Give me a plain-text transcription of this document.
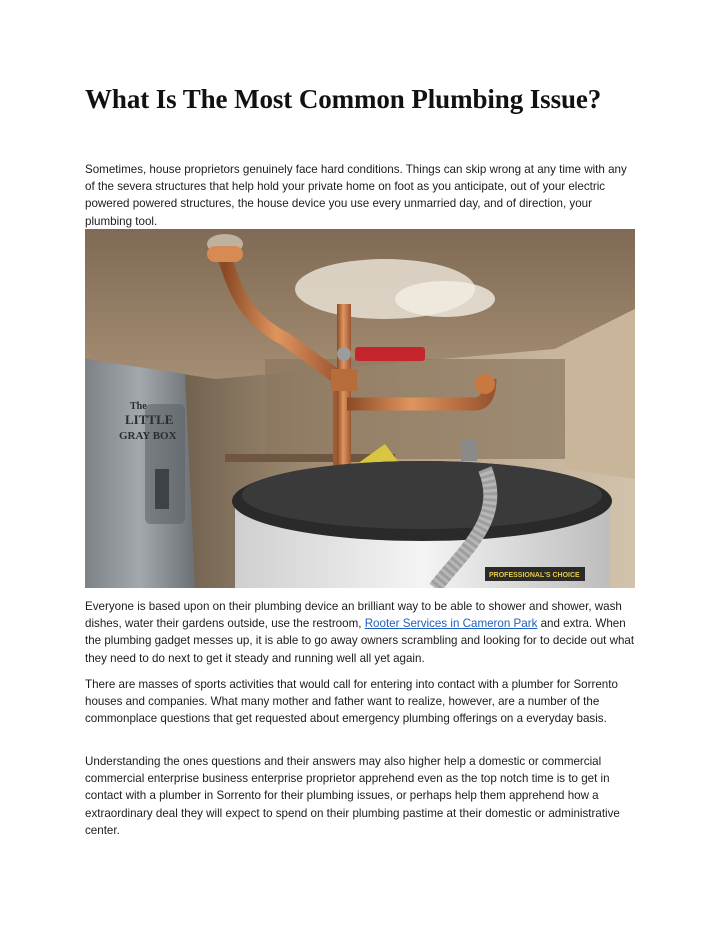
What Is The Most Common Plumbing Issue?

Sometimes, house proprietors genuinely face hard conditions. Things can skip wrong at any time with any of the severa structures that help hold your private home on foot as you anticipate, out of your electric powered powered structures, the house device you use every unmarried day, and of direction, your plumbing tool.

The
LITTLE
GRAY BOX
PROFESSIONAL'S CHOICE

Everyone is based upon on their plumbing device an brilliant way to be able to shower and shower, wash dishes, water their gardens outside, use the restroom, Rooter Services in Cameron Park and extra. When the plumbing gadget messes up, it is able to go away owners scrambling and looking for to decide out what they need to do next to get it steady and running well all yet again.

There are masses of sports activities that would call for entering into contact with a plumber for Sorrento houses and companies. What many mother and father want to realize, however, are a number of the commonplace questions that get requested about emergency plumbing offerings on a everyday basis.

Understanding the ones questions and their answers may also higher help a domestic or commercial commercial enterprise business enterprise proprietor apprehend even as the top notch time is to get in contact with a plumber in Sorrento for their plumbing issues, or perhaps help them apprehend how a extraordinary deal they will expect to spend on their plumbing pastime at their domestic or administrative center.
